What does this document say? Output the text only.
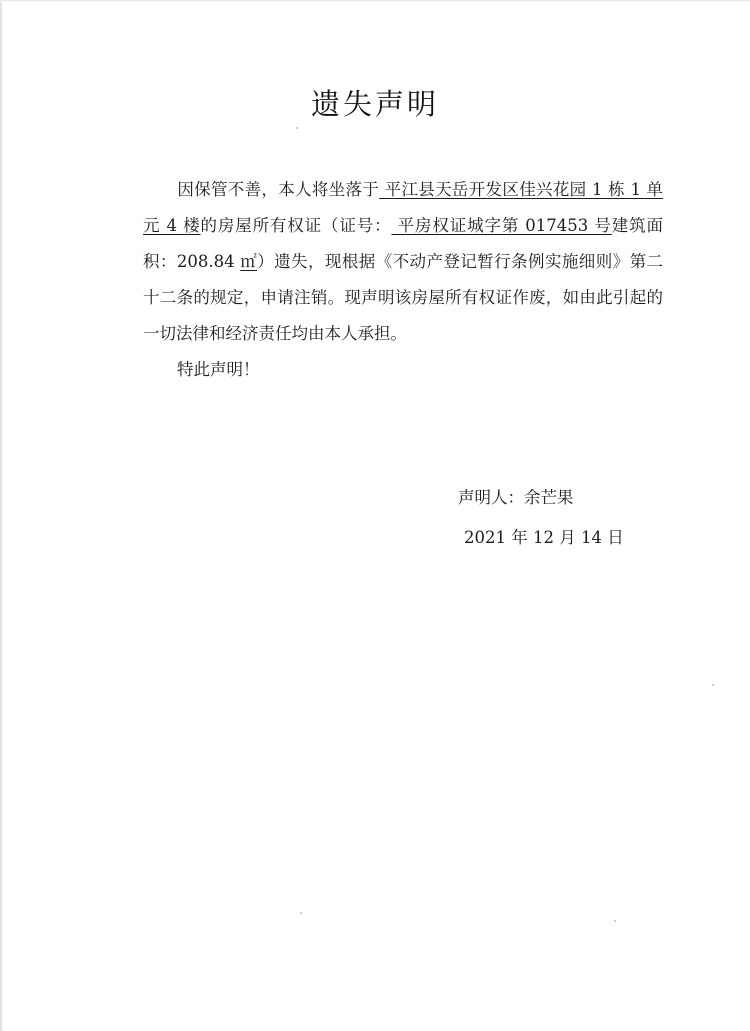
遗失声明

因保管不善，本人将坐落于 平江县天岳开发区佳兴花园 1 栋 1 单元 4 楼的房屋所有权证（证号： 平房权证城字第 017453 号建筑面积：208.84 ㎡）遗失，现根据《不动产登记暂行条例实施细则》第二十二条的规定，申请注销。现声明该房屋所有权证作废，如由此引起的一切法律和经济责任均由本人承担。

特此声明！

声明人：余芒果
2021 年 12 月 14 日
